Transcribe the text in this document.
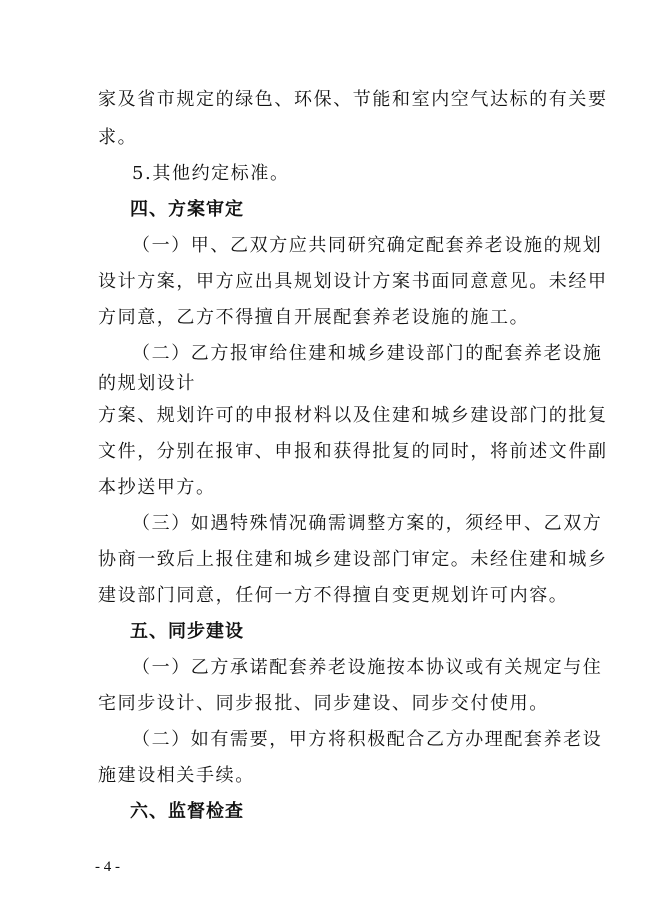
家及省市规定的绿色、环保、节能和室内空气达标的有关要
求。
5.其他约定标准。
四、方案审定
（一）甲、乙双方应共同研究确定配套养老设施的规划
设计方案，甲方应出具规划设计方案书面同意意见。未经甲
方同意，乙方不得擅自开展配套养老设施的施工。
（二）乙方报审给住建和城乡建设部门的配套养老设施
的规划设计
方案、规划许可的申报材料以及住建和城乡建设部门的批复
文件，分别在报审、申报和获得批复的同时，将前述文件副
本抄送甲方。
（三）如遇特殊情况确需调整方案的，须经甲、乙双方
协商一致后上报住建和城乡建设部门审定。未经住建和城乡
建设部门同意，任何一方不得擅自变更规划许可内容。
五、同步建设
（一）乙方承诺配套养老设施按本协议或有关规定与住
宅同步设计、同步报批、同步建设、同步交付使用。
（二）如有需要，甲方将积极配合乙方办理配套养老设
施建设相关手续。
六、监督检查
- 4 -
